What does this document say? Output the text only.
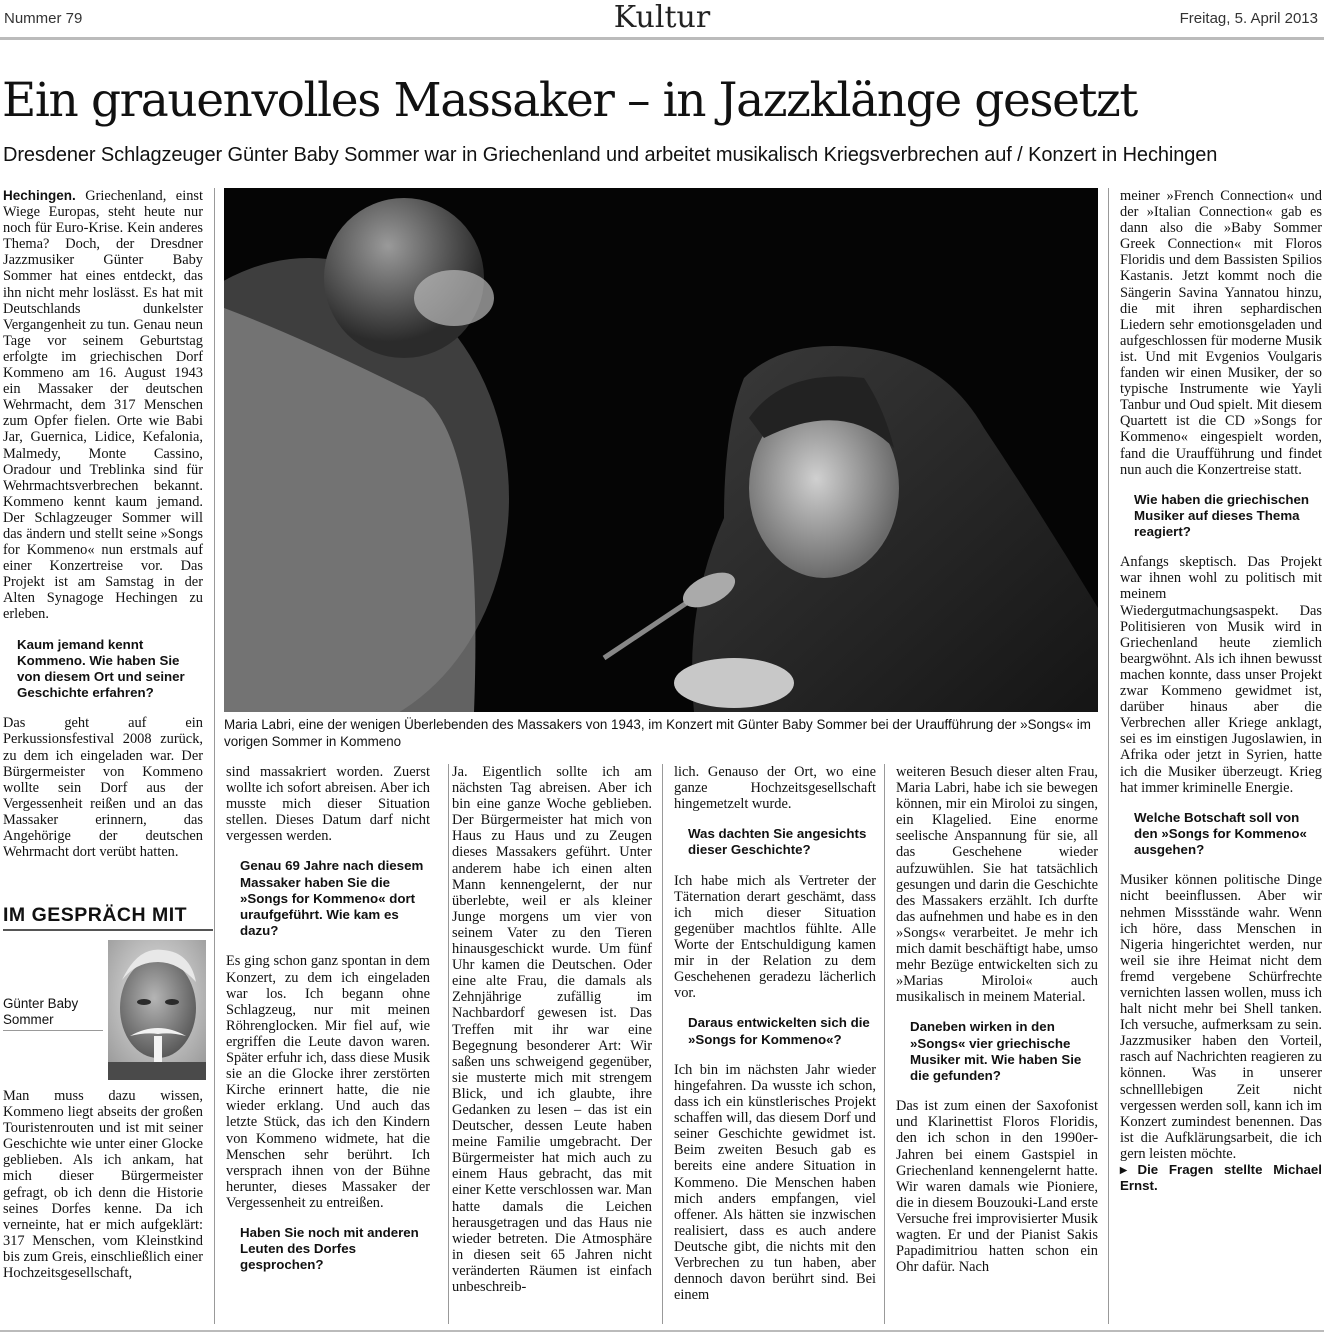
Nummer 79	Kultur	Freitag, 5. April 2013
Ein grauenvolles Massaker – in Jazzklänge gesetzt
Dresdener Schlagzeuger Günter Baby Sommer war in Griechenland und arbeitet musikalisch Kriegsverbrechen auf / Konzert in Hechingen

Hechingen. Griechenland, einst Wiege Europas, steht heute nur noch für Euro-Krise. Kein anderes Thema? Doch, der Dresdner Jazzmusiker Günter Baby Sommer hat eines entdeckt, das ihn nicht mehr loslässt. Es hat mit Deutschlands dunkelster Vergangenheit zu tun. Genau neun Tage vor seinem Geburtstag erfolgte im griechischen Dorf Kommeno am 16. August 1943 ein Massaker der deutschen Wehrmacht, dem 317 Menschen zum Opfer fielen. Orte wie Babi Jar, Guernica, Lidice, Kefalonia, Malmedy, Monte Cassino, Oradour und Treblinka sind für Wehrmachtsverbrechen bekannt. Kommeno kennt kaum jemand. Der Schlagzeuger Sommer will das ändern und stellt seine »Songs for Kommeno« nun erstmals auf einer Konzertreise vor. Das Projekt ist am Samstag in der Alten Synagoge Hechingen zu erleben.

Kaum jemand kennt Kommeno. Wie haben Sie von diesem Ort und seiner Geschichte erfahren?

Das geht auf ein Perkussionsfestival 2008 zurück, zu dem ich eingeladen war. Der Bürgermeister von Kommeno wollte sein Dorf aus der Vergessenheit reißen und an das Massaker erinnern, das Angehörige der deutschen Wehrmacht dort verübt hatten.

IM GESPRÄCH MIT
Günter Baby Sommer

Man muss dazu wissen, Kommeno liegt abseits der großen Touristenrouten und ist mit seiner Geschichte wie unter einer Glocke geblieben. Als ich ankam, hat mich dieser Bürgermeister gefragt, ob ich denn die Historie seines Dorfes kenne. Da ich verneinte, hat er mich aufgeklärt: 317 Menschen, vom Kleinstkind bis zum Greis, einschließlich einer Hochzeitsgesellschaft,

Maria Labri, eine der wenigen Überlebenden des Massakers von 1943, im Konzert mit Günter Baby Sommer bei der Uraufführung der »Songs« im vorigen Sommer in Kommeno

sind massakriert worden. Zuerst wollte ich sofort abreisen. Aber ich musste mich dieser Situation stellen. Dieses Datum darf nicht vergessen werden.

Genau 69 Jahre nach diesem Massaker haben Sie die »Songs for Kommeno« dort uraufgeführt. Wie kam es dazu?

Es ging schon ganz spontan in dem Konzert, zu dem ich eingeladen war los. Ich begann ohne Schlagzeug, nur mit meinen Röhrenglocken. Mir fiel auf, wie ergriffen die Leute davon waren. Später erfuhr ich, dass diese Musik sie an die Glocke ihrer zerstörten Kirche erinnert hatte, die nie wieder erklang. Und auch das letzte Stück, das ich den Kindern von Kommeno widmete, hat die Menschen sehr berührt. Ich versprach ihnen von der Bühne herunter, dieses Massaker der Vergessenheit zu entreißen.

Haben Sie noch mit anderen Leuten des Dorfes gesprochen?

Ja. Eigentlich sollte ich am nächsten Tag abreisen. Aber ich bin eine ganze Woche geblieben. Der Bürgermeister hat mich von Haus zu Haus und zu Zeugen dieses Massakers geführt. Unter anderem habe ich einen alten Mann kennengelernt, der nur überlebte, weil er als kleiner Junge morgens um vier von seinem Vater zu den Tieren hinausgeschickt wurde. Um fünf Uhr kamen die Deutschen. Oder eine alte Frau, die damals als Zehnjährige zufällig im Nachbardorf gewesen ist. Das Treffen mit ihr war eine Begegnung besonderer Art: Wir saßen uns schweigend gegenüber, sie musterte mich mit strengem Blick, und ich glaubte, ihre Gedanken zu lesen – das ist ein Deutscher, dessen Leute haben meine Familie umgebracht. Der Bürgermeister hat mich auch zu einem Haus gebracht, das mit einer Kette verschlossen war. Man hatte damals die Leichen herausgetragen und das Haus nie wieder betreten. Die Atmosphäre in diesen seit 65 Jahren nicht veränderten Räumen ist einfach unbeschreib-

lich. Genauso der Ort, wo eine ganze Hochzeitsgesellschaft hingemetzelt wurde.

Was dachten Sie angesichts dieser Geschichte?

Ich habe mich als Vertreter der Täternation derart geschämt, dass ich mich dieser Situation gegenüber machtlos fühlte. Alle Worte der Entschuldigung kamen mir in der Relation zu dem Geschehenen geradezu lächerlich vor.

Daraus entwickelten sich die »Songs for Kommeno«?

Ich bin im nächsten Jahr wieder hingefahren. Da wusste ich schon, dass ich ein künstlerisches Projekt schaffen will, das diesem Dorf und seiner Geschichte gewidmet ist. Beim zweiten Besuch gab es bereits eine andere Situation in Kommeno. Die Menschen haben mich anders empfangen, viel offener. Als hätten sie inzwischen realisiert, dass es auch andere Deutsche gibt, die nichts mit den Verbrechen zu tun haben, aber dennoch davon berührt sind. Bei einem

weiteren Besuch dieser alten Frau, Maria Labri, habe ich sie bewegen können, mir ein Miroloi zu singen, ein Klagelied. Eine enorme seelische Anspannung für sie, all das Geschehene wieder aufzuwühlen. Sie hat tatsächlich gesungen und darin die Geschichte des Massakers erzählt. Ich durfte das aufnehmen und habe es in den »Songs« verarbeitet. Je mehr ich mich damit beschäftigt habe, umso mehr Bezüge entwickelten sich zu »Marias Miroloi« auch musikalisch in meinem Material.

Daneben wirken in den »Songs« vier griechische Musiker mit. Wie haben Sie die gefunden?

Das ist zum einen der Saxofonist und Klarinettist Floros Floridis, den ich schon in den 1990er-Jahren bei einem Gastspiel in Griechenland kennengelernt hatte. Wir waren damals wie Pioniere, die in diesem Bouzouki-Land erste Versuche frei improvisierter Musik wagten. Er und der Pianist Sakis Papadimitriou hatten schon ein Ohr dafür. Nach

meiner »French Connection« und der »Italian Connection« gab es dann also die »Baby Sommer Greek Connection« mit Floros Floridis und dem Bassisten Spilios Kastanis. Jetzt kommt noch die Sängerin Savina Yannatou hinzu, die mit ihren sephardischen Liedern sehr emotionsgeladen und aufgeschlossen für moderne Musik ist. Und mit Evgenios Voulgaris fanden wir einen Musiker, der so typische Instrumente wie Yayli Tanbur und Oud spielt. Mit diesem Quartett ist die CD »Songs for Kommeno« eingespielt worden, fand die Uraufführung und findet nun auch die Konzertreise statt.

Wie haben die griechischen Musiker auf dieses Thema reagiert?

Anfangs skeptisch. Das Projekt war ihnen wohl zu politisch mit meinem Wiedergutmachungsaspekt. Das Politisieren von Musik wird in Griechenland heute ziemlich beargwöhnt. Als ich ihnen bewusst machen konnte, dass unser Projekt zwar Kommeno gewidmet ist, darüber hinaus aber die Verbrechen aller Kriege anklagt, sei es im einstigen Jugoslawien, in Afrika oder jetzt in Syrien, hatte ich die Musiker überzeugt. Krieg hat immer kriminelle Energie.

Welche Botschaft soll von den »Songs for Kommeno« ausgehen?

Musiker können politische Dinge nicht beeinflussen. Aber wir nehmen Missstände wahr. Wenn ich höre, dass Menschen in Nigeria hingerichtet werden, nur weil sie ihre Heimat nicht dem fremd vergebene Schürfrechte vernichten lassen wollen, muss ich halt nicht mehr bei Shell tanken. Ich versuche, aufmerksam zu sein. Jazzmusiker haben den Vorteil, rasch auf Nachrichten reagieren zu können. Was in unserer schnelllebigen Zeit nicht vergessen werden soll, kann ich im Konzert zumindest benennen. Das ist die Aufklärungsarbeit, die ich gern leisten möchte.

▸ Die Fragen stellte Michael Ernst.
